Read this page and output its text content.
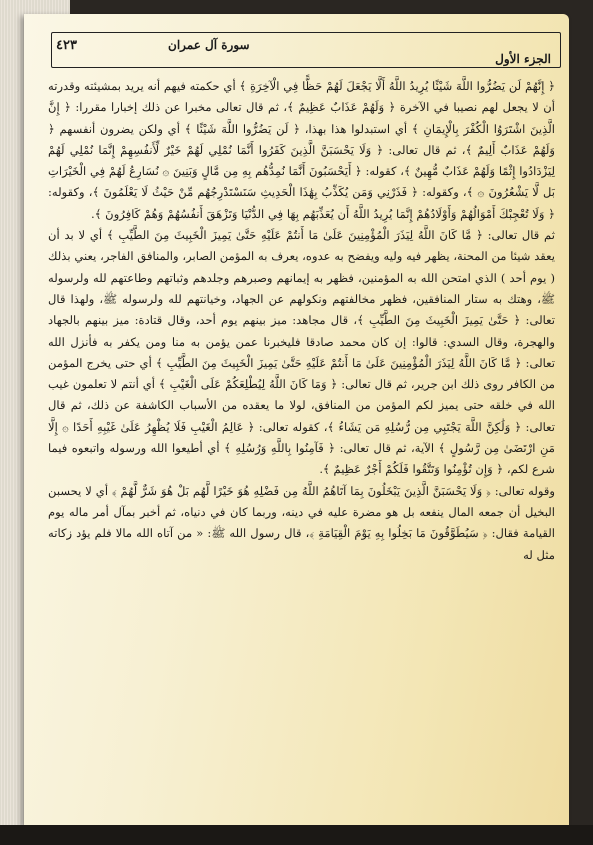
الجزء الأول
سورة آل عمران
٤٢٣

﴿ إِنَّهُمْ لَن يَضُرُّوا اللَّهَ شَيْئًا يُرِيدُ اللَّهُ أَلَّا يَجْعَلَ لَهُمْ حَظًّا فِي الْآخِرَةِ ﴾ أي حكمته فيهم أنه يريد بمشيئته وقدرته أن لا يجعل لهم نصيبا في الآخرة ﴿ وَلَهُمْ عَذَابٌ عَظِيمٌ ﴾، ثم قال تعالى مخبرا عن ذلك إخبارا مقررا: ﴿ إِنَّ الَّذِينَ اشْتَرَوُا الْكُفْرَ بِالْإِيمَانِ ﴾ أي استبدلوا هذا بهذا، ﴿ لَن يَضُرُّوا اللَّهَ شَيْئًا ﴾ أي ولكن يضرون أنفسهم ﴿ وَلَهُمْ عَذَابٌ أَلِيمٌ ﴾، ثم قال تعالى: ﴿ وَلَا يَحْسَبَنَّ الَّذِينَ كَفَرُوا أَنَّمَا نُمْلِي لَهُمْ خَيْرٌ لِّأَنفُسِهِمْ إِنَّمَا نُمْلِي لَهُمْ لِيَزْدَادُوا إِثْمًا وَلَهُمْ عَذَابٌ مُّهِينٌ ﴾، كقوله: ﴿ أَيَحْسَبُونَ أَنَّمَا نُمِدُّهُم بِهِ مِن مَّالٍ وَبَنِينَ ۞ نُسَارِعُ لَهُمْ فِي الْخَيْرَاتِ بَل لَّا يَشْعُرُونَ ۞ ﴾، وكقوله: ﴿ فَذَرْنِي وَمَن يُكَذِّبُ بِهَٰذَا الْحَدِيثِ سَنَسْتَدْرِجُهُم مِّنْ حَيْثُ لَا يَعْلَمُونَ ﴾، وكقوله: ﴿ وَلَا تُعْجِبْكَ أَمْوَالُهُمْ وَأَوْلَادُهُمْ إِنَّمَا يُرِيدُ اللَّهُ أَن يُعَذِّبَهُم بِهَا فِي الدُّنْيَا وَتَزْهَقَ أَنفُسُهُمْ وَهُمْ كَافِرُونَ ﴾.

ثم قال تعالى: ﴿ مَّا كَانَ اللَّهُ لِيَذَرَ الْمُؤْمِنِينَ عَلَىٰ مَا أَنتُمْ عَلَيْهِ حَتَّىٰ يَمِيزَ الْخَبِيثَ مِنَ الطَّيِّبِ ﴾ أي لا بد أن يعقد شيئا من المحنة، يظهر فيه وليه ويفضح به عدوه، يعرف به المؤمن الصابر، والمنافق الفاجر، يعني بذلك ( يوم أحد ) الذي امتحن الله به المؤمنين، فظهر به إيمانهم وصبرهم وجلدهم وثباتهم وطاعتهم لله ولرسوله ﷺ، وهتك به ستار المنافقين، فظهر مخالفتهم ونكولهم عن الجهاد، وخيانتهم لله ولرسوله ﷺ، ولهذا قال تعالى: ﴿ حَتَّىٰ يَمِيزَ الْخَبِيثَ مِنَ الطَّيِّبِ ﴾، قال مجاهد: ميز بينهم يوم أحد، وقال قتادة: ميز بينهم بالجهاد والهجرة، وقال السدي: قالوا: إن كان محمد صادقا فليخبرنا عمن يؤمن به منا ومن يكفر به فأنزل الله تعالى: ﴿ مَّا كَانَ اللَّهُ لِيَذَرَ الْمُؤْمِنِينَ عَلَىٰ مَا أَنتُمْ عَلَيْهِ حَتَّىٰ يَمِيزَ الْخَبِيثَ مِنَ الطَّيِّبِ ﴾ أي حتى يخرج المؤمن من الكافر روى ذلك ابن جرير، ثم قال تعالى: ﴿ وَمَا كَانَ اللَّهُ لِيُطْلِعَكُمْ عَلَى الْغَيْبِ ﴾ أي أنتم لا تعلمون غيب الله في خلقه حتى يميز لكم المؤمن من المنافق، لولا ما يعقده من الأسباب الكاشفة عن ذلك، ثم قال تعالى: ﴿ وَلَٰكِنَّ اللَّهَ يَجْتَبِي مِن رُّسُلِهِ مَن يَشَاءُ ﴾، كقوله تعالى: ﴿ عَالِمُ الْغَيْبِ فَلَا يُظْهِرُ عَلَىٰ غَيْبِهِ أَحَدًا ۞ إِلَّا مَنِ ارْتَضَىٰ مِن رَّسُولٍ ﴾ الآية، ثم قال تعالى: ﴿ فَآمِنُوا بِاللَّهِ وَرُسُلِهِ ﴾ أي أطيعوا الله ورسوله واتبعوه فيما شرع لكم، ﴿ وَإِن تُؤْمِنُوا وَتَتَّقُوا فَلَكُمْ أَجْرٌ عَظِيمٌ ﴾.

وقوله تعالى: ﴿ وَلَا يَحْسَبَنَّ الَّذِينَ يَبْخَلُونَ بِمَا آتَاهُمُ اللَّهُ مِن فَضْلِهِ هُوَ خَيْرًا لَّهُم بَلْ هُوَ شَرٌّ لَّهُمْ ﴾ أي لا يحسبن البخيل أن جمعه المال ينفعه بل هو مضرة عليه في دينه، وربما كان في دنياه، ثم أخبر بمآل أمر ماله يوم القيامة فقال: ﴿ سَيُطَوَّقُونَ مَا بَخِلُوا بِهِ يَوْمَ الْقِيَامَةِ ﴾، قال رسول الله ﷺ: « من آتاه الله مالا فلم يؤد زكاته مثل له
